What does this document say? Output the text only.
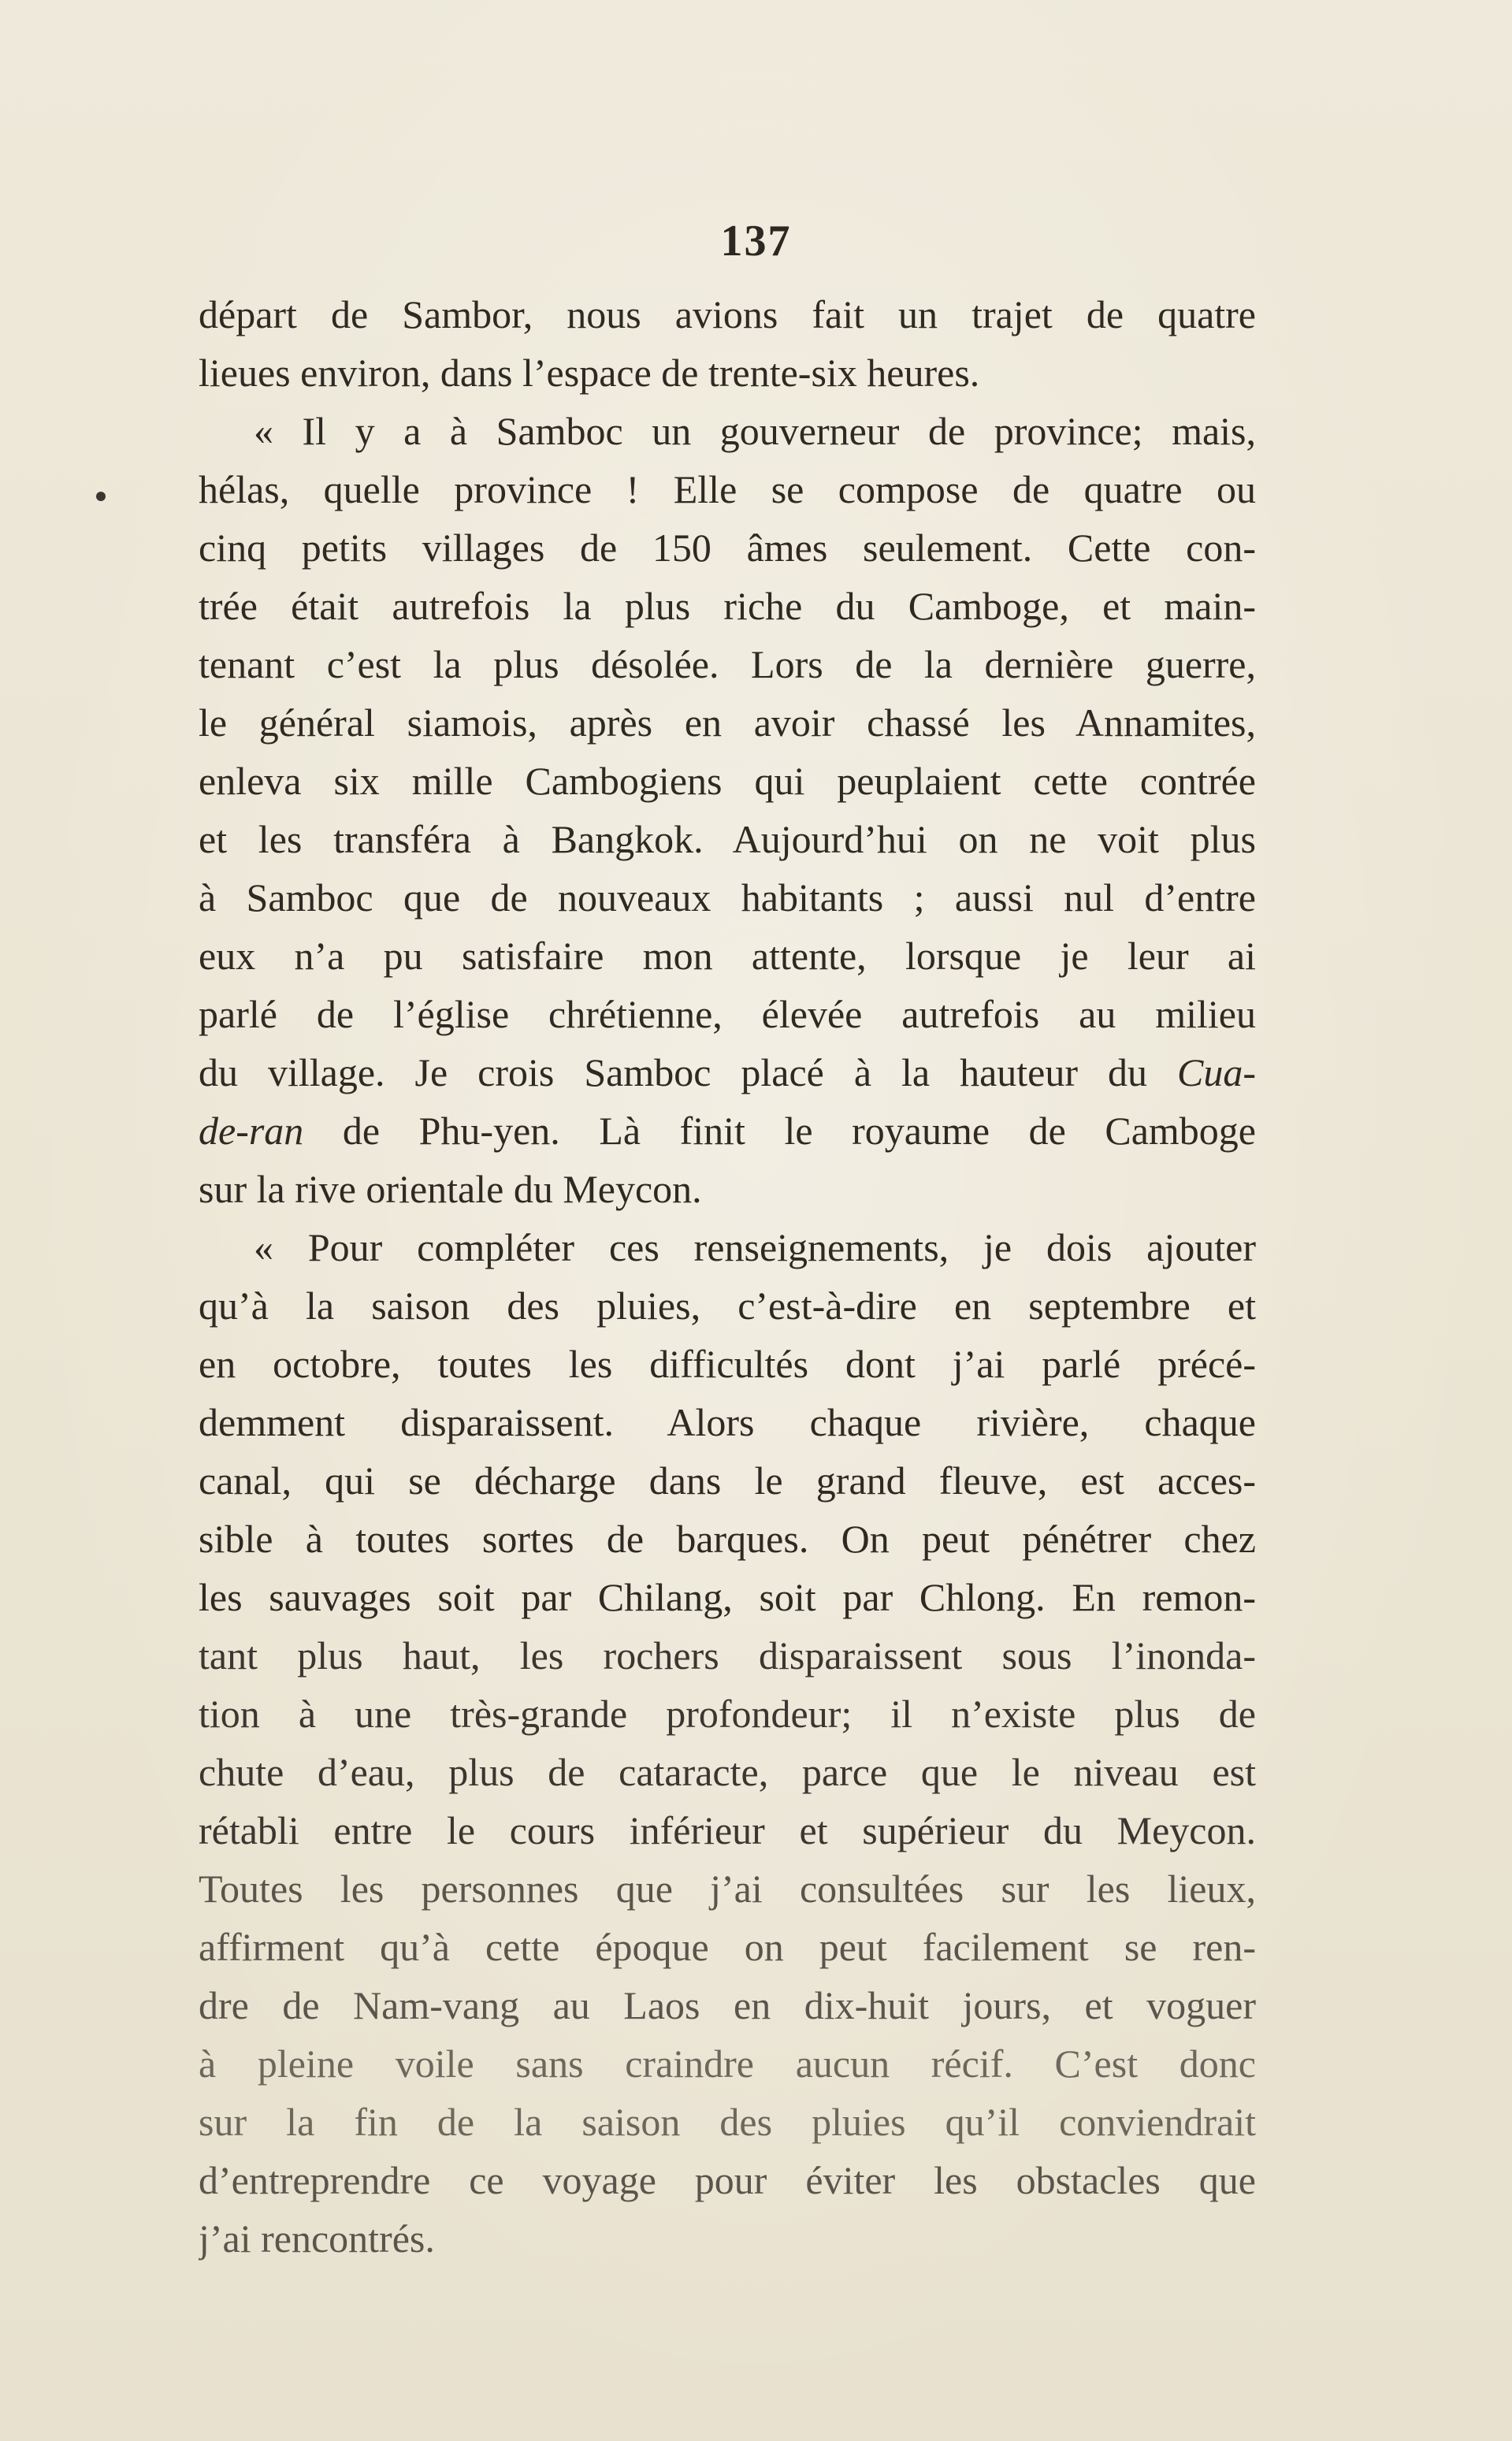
137
départ de Sambor, nous avions fait un trajet de quatre
lieues environ, dans l’espace de trente-six heures.
« Il y a à Samboc un gouverneur de province; mais,
hélas, quelle province ! Elle se compose de quatre ou
cinq petits villages de 150 âmes seulement. Cette con-
trée était autrefois la plus riche du Camboge, et main-
tenant c’est la plus désolée. Lors de la dernière guerre,
le général siamois, après en avoir chassé les Annamites,
enleva six mille Cambogiens qui peuplaient cette contrée
et les transféra à Bangkok. Aujourd’hui on ne voit plus
à Samboc que de nouveaux habitants ; aussi nul d’entre
eux n’a pu satisfaire mon attente, lorsque je leur ai
parlé de l’église chrétienne, élevée autrefois au milieu
du village. Je crois Samboc placé à la hauteur du Cua-
de-ran de Phu-yen. Là finit le royaume de Camboge
sur la rive orientale du Meycon.
« Pour compléter ces renseignements, je dois ajouter
qu’à la saison des pluies, c’est-à-dire en septembre et
en octobre, toutes les difficultés dont j’ai parlé précé-
demment disparaissent. Alors chaque rivière, chaque
canal, qui se décharge dans le grand fleuve, est acces-
sible à toutes sortes de barques. On peut pénétrer chez
les sauvages soit par Chilang, soit par Chlong. En remon-
tant plus haut, les rochers disparaissent sous l’inonda-
tion à une très-grande profondeur; il n’existe plus de
chute d’eau, plus de cataracte, parce que le niveau est
rétabli entre le cours inférieur et supérieur du Meycon.
Toutes les personnes que j’ai consultées sur les lieux,
affirment qu’à cette époque on peut facilement se ren-
dre de Nam-vang au Laos en dix-huit jours, et voguer
à pleine voile sans craindre aucun récif. C’est donc
sur la fin de la saison des pluies qu’il conviendrait
d’entreprendre ce voyage pour éviter les obstacles que
j’ai rencontrés.
